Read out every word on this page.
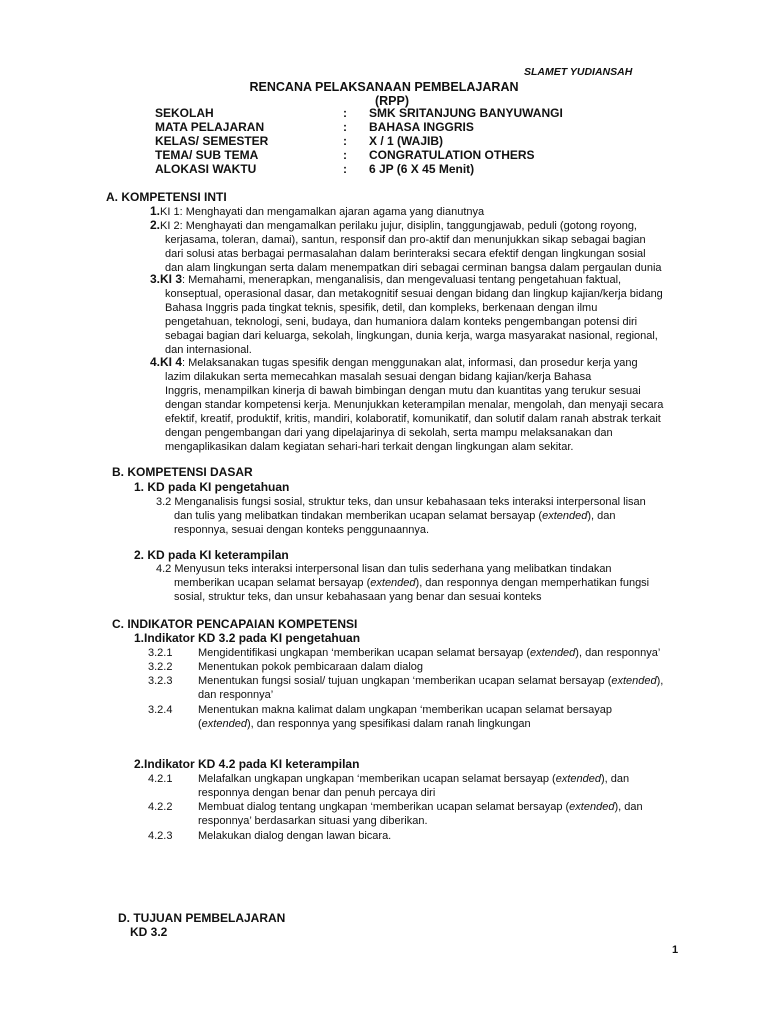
SLAMET YUDIANSAH
RENCANA PELAKSANAAN PEMBELAJARAN
(RPP)
SEKOLAH	: SMK SRITANJUNG BANYUWANGI
MATA PELAJARAN	: BAHASA INGGRIS
KELAS/ SEMESTER	: X / 1 (WAJIB)
TEMA/ SUB TEMA	: CONGRATULATION OTHERS
ALOKASI WAKTU	: 6 JP (6 X 45 Menit)
A. KOMPETENSI INTI
1.KI 1: Menghayati dan mengamalkan ajaran agama yang dianutnya
2.KI 2: Menghayati dan mengamalkan perilaku jujur, disiplin, tanggungjawab, peduli (gotong royong,
kerjasama, toleran, damai), santun, responsif dan pro-aktif dan menunjukkan sikap sebagai bagian
dari solusi atas berbagai permasalahan dalam berinteraksi secara efektif dengan lingkungan sosial
dan alam lingkungan serta dalam menempatkan diri sebagai cerminan bangsa dalam pergaulan dunia
3.KI 3: Memahami, menerapkan, menganalisis, dan mengevaluasi tentang pengetahuan faktual,
konseptual, operasional dasar, dan metakognitif sesuai dengan bidang dan lingkup kajian/kerja bidang
Bahasa Inggris pada tingkat teknis, spesifik, detil, dan kompleks, berkenaan dengan ilmu
pengetahuan, teknologi, seni, budaya, dan humaniora dalam konteks pengembangan potensi diri
sebagai bagian dari keluarga, sekolah, lingkungan, dunia kerja, warga masyarakat nasional, regional,
dan internasional.
4.KI 4: Melaksanakan tugas spesifik dengan menggunakan alat, informasi, dan prosedur kerja yang
lazim dilakukan serta memecahkan masalah sesuai dengan bidang kajian/kerja Bahasa
Inggris, menampilkan kinerja di bawah bimbingan dengan mutu dan kuantitas yang terukur sesuai
dengan standar kompetensi kerja. Menunjukkan keterampilan menalar, mengolah, dan menyaji secara
efektif, kreatif, produktif, kritis, mandiri, kolaboratif, komunikatif, dan solutif dalam ranah abstrak terkait
dengan pengembangan dari yang dipelajarinya di sekolah, serta mampu melaksanakan dan
mengaplikasikan dalam kegiatan sehari-hari terkait dengan lingkungan alam sekitar.
B. KOMPETENSI DASAR
1. KD pada KI pengetahuan
3.2 Menganalisis fungsi sosial, struktur teks, dan unsur kebahasaan teks interaksi interpersonal lisan
dan tulis yang melibatkan tindakan memberikan ucapan selamat bersayap (extended), dan
responnya, sesuai dengan konteks penggunaannya.
2. KD pada KI keterampilan
4.2 Menyusun teks interaksi interpersonal lisan dan tulis sederhana yang melibatkan tindakan
memberikan ucapan selamat bersayap (extended), dan responnya dengan memperhatikan fungsi
sosial, struktur teks, dan unsur kebahasaan yang benar dan sesuai konteks
C. INDIKATOR PENCAPAIAN KOMPETENSI
1.Indikator KD 3.2 pada KI pengetahuan
3.2.1 Mengidentifikasi ungkapan ‘memberikan ucapan selamat bersayap (extended), dan responnya’
3.2.2 Menentukan pokok pembicaraan dalam dialog
3.2.3 Menentukan fungsi sosial/ tujuan ungkapan ‘memberikan ucapan selamat bersayap (extended),
dan responnya’
3.2.4 Menentukan makna kalimat dalam ungkapan ‘memberikan ucapan selamat bersayap
(extended), dan responnya yang spesifikasi dalam ranah lingkungan
2.Indikator KD 4.2 pada KI keterampilan
4.2.1 Melafalkan ungkapan ungkapan ‘memberikan ucapan selamat bersayap (extended), dan
responnya dengan benar dan penuh percaya diri
4.2.2 Membuat dialog tentang ungkapan ‘memberikan ucapan selamat bersayap (extended), dan
responnya’ berdasarkan situasi yang diberikan.
4.2.3 Melakukan dialog dengan lawan bicara.
D. TUJUAN PEMBELAJARAN
KD 3.2
1
